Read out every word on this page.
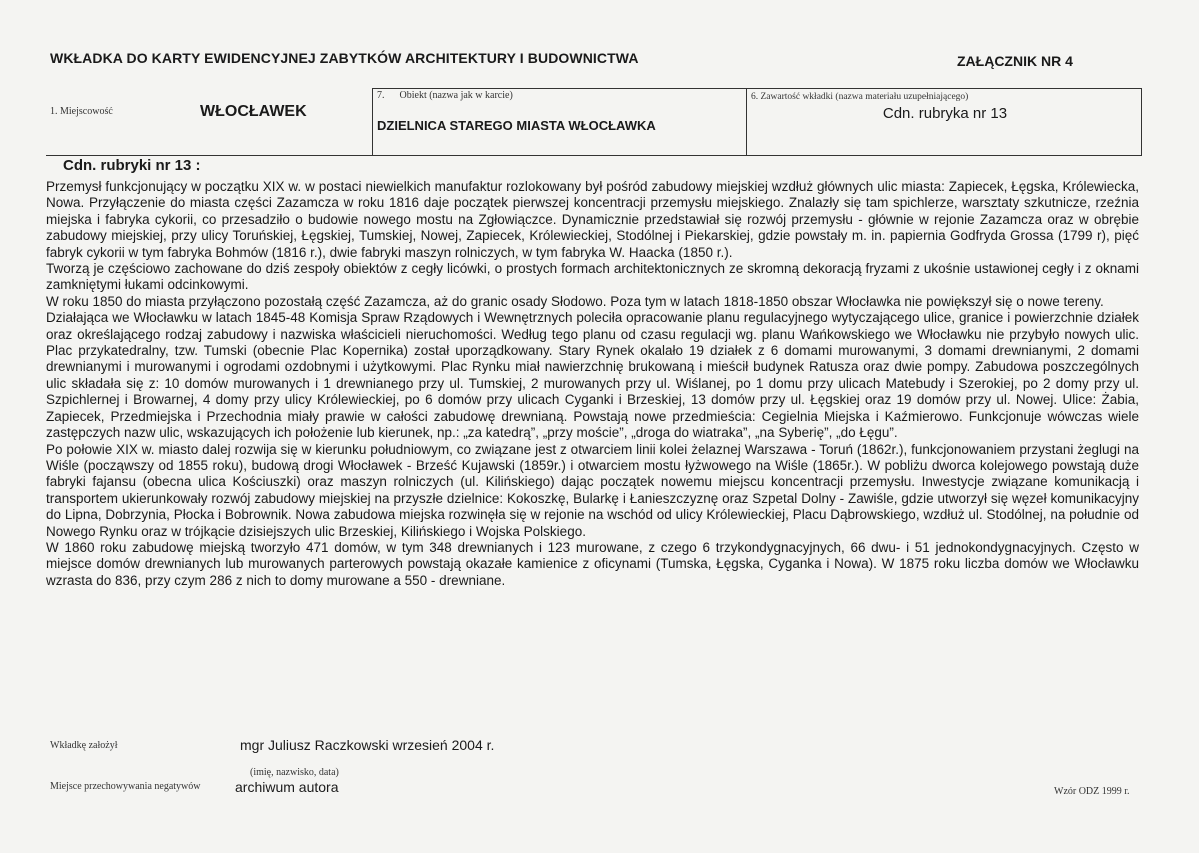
WKŁADKA DO KARTY EWIDENCYJNEJ ZABYTKÓW ARCHITEKTURY I BUDOWNICTWA	ZAŁĄCZNIK NR 4
1. Miejscowość	WŁOCŁAWEK
7.      Obiekt (nazwa jak w karcie)
DZIELNICA STAREGO MIASTA WŁOCŁAWKA
6. Zawartość wkładki (nazwa materiału uzupełniającego)
Cdn. rubryka nr 13
Cdn. rubryki nr 13 :

Przemysł funkcjonujący w początku XIX w. w postaci niewielkich manufaktur rozlokowany był pośród zabudowy miejskiej wzdłuż głównych ulic miasta: Zapiecek, Łęgska, Królewiecka, Nowa. Przyłączenie do miasta części Zazamcza w roku 1816 daje początek pierwszej koncentracji przemysłu miejskiego. Znalazły się tam spichlerze, warsztaty szkutnicze, rzeźnia miejska i fabryka cykorii, co przesadziło o budowie nowego mostu na Zgłowiączce. Dynamicznie przedstawiał się rozwój przemysłu - głównie w rejonie Zazamcza oraz w obrębie zabudowy miejskiej, przy ulicy Toruńskiej, Łęgskiej, Tumskiej, Nowej, Zapiecek, Królewieckiej, Stodólnej i Piekarskiej, gdzie powstały m. in. papiernia Godfryda Grossa (1799 r), pięć fabryk cykorii w tym fabryka Bohmów (1816 r.), dwie fabryki maszyn rolniczych, w tym fabryka W. Haacka (1850 r.).

Tworzą je częściowo zachowane do dziś zespoły obiektów z cegły licówki, o prostych formach architektonicznych ze skromną dekoracją fryzami z ukośnie ustawionej cegły i z oknami zamkniętymi łukami odcinkowymi.

W roku 1850 do miasta przyłączono pozostałą część Zazamcza, aż do granic osady Słodowo. Poza tym w latach 1818-1850 obszar Włocławka nie powiększył się o nowe tereny.

Działająca we Włocławku w latach 1845-48 Komisja Spraw Rządowych i Wewnętrznych poleciła opracowanie planu regulacyjnego wytyczającego ulice, granice i powierzchnie działek oraz określającego rodzaj zabudowy i nazwiska właścicieli nieruchomości. Według tego planu od czasu regulacji wg. planu Wańkowskiego we Włocławku nie przybyło nowych ulic. Plac przykatedralny, tzw. Tumski (obecnie Plac Kopernika) został uporządkowany. Stary Rynek okalało 19 działek z 6 domami murowanymi, 3 domami drewnianymi, 2 domami drewnianymi i murowanymi i ogrodami ozdobnymi i użytkowymi. Plac Rynku miał nawierzchnię brukowaną i mieścił budynek Ratusza oraz dwie pompy. Zabudowa poszczególnych ulic składała się z: 10 domów murowanych i 1 drewnianego przy ul. Tumskiej, 2 murowanych przy ul. Wiślanej, po 1 domu przy ulicach Matebudy i Szerokiej, po 2 domy przy ul. Szpichlernej i Browarnej, 4 domy przy ulicy Królewieckiej, po 6 domów przy ulicach Cyganki i Brzeskiej, 13 domów przy ul. Łęgskiej oraz 19 domów przy ul. Nowej. Ulice: Żabia, Zapiecek, Przedmiejska i Przechodnia miały prawie w całości zabudowę drewnianą. Powstają nowe przedmieścia: Cegielnia Miejska i Kaźmierowo. Funkcjonuje wówczas wiele zastępczych nazw ulic, wskazujących ich położenie lub kierunek, np.: „za katedrą”, „przy moście”, „droga do wiatraka”, „na Syberię”, „do Łęgu”.

Po połowie XIX w. miasto dalej rozwija się w kierunku południowym, co związane jest z otwarciem linii kolei żelaznej Warszawa - Toruń (1862r.), funkcjonowaniem przystani żeglugi na Wiśle (począwszy od 1855 roku), budową drogi Włocławek - Brześć Kujawski (1859r.) i otwarciem mostu łyżwowego na Wiśle (1865r.). W pobliżu dworca kolejowego powstają duże fabryki fajansu (obecna ulica Kościuszki) oraz maszyn rolniczych (ul. Kilińskiego) dając początek nowemu miejscu koncentracji przemysłu. Inwestycje związane komunikacją i transportem ukierunkowały rozwój zabudowy miejskiej na przyszłe dzielnice: Kokoszkę, Bularkę i Łanieszczyznę oraz Szpetal Dolny - Zawiśle, gdzie utworzył się węzeł komunikacyjny do Lipna, Dobrzynia, Płocka i Bobrownik. Nowa zabudowa miejska rozwinęła się w rejonie na wschód od ulicy Królewieckiej, Placu Dąbrowskiego, wzdłuż ul. Stodólnej, na południe od Nowego Rynku oraz w trójkącie dzisiejszych ulic Brzeskiej, Kilińskiego i Wojska Polskiego.

W 1860 roku zabudowę miejską tworzyło 471 domów, w tym 348 drewnianych i 123 murowane, z czego 6 trzykondygnacyjnych, 66 dwu- i 51 jednokondygnacyjnych. Często w miejsce domów drewnianych lub murowanych parterowych powstają okazałe kamienice z oficynami (Tumska, Łęgska, Cyganka i Nowa). W 1875 roku liczba domów we Włocławku wzrasta do 836, przy czym 286 z nich to domy murowane a 550 - drewniane.

Wkładkę założył	mgr Juliusz Raczkowski wrzesień 2004 r.
(imię, nazwisko, data)
Miejsce przechowywania negatywów archiwum autora	Wzór ODZ 1999 r.
